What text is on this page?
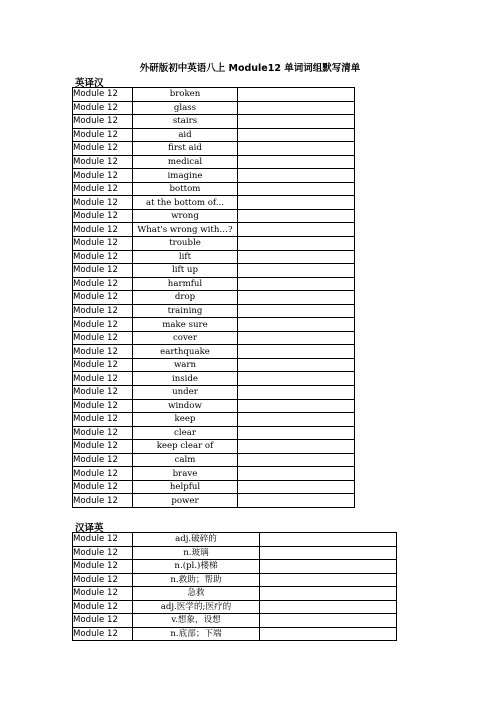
外研版初中英语八上 Module12 单词词组默写清单
英译汉
Module 12	broken	
Module 12	glass	
Module 12	stairs	
Module 12	aid	
Module 12	first aid	
Module 12	medical	
Module 12	imagine	
Module 12	bottom	
Module 12	at the bottom of...	
Module 12	wrong	
Module 12	What's wrong with…?	
Module 12	trouble	
Module 12	lift	
Module 12	lift up	
Module 12	harmful	
Module 12	drop	
Module 12	training	
Module 12	make sure	
Module 12	cover	
Module 12	earthquake	
Module 12	warn	
Module 12	inside	
Module 12	under	
Module 12	window	
Module 12	keep	
Module 12	clear	
Module 12	keep clear of	
Module 12	calm	
Module 12	brave	
Module 12	helpful	
Module 12	power	
汉译英
Module 12	adj.破碎的	
Module 12	n.玻璃	
Module 12	n.(pl.)楼梯	
Module 12	n.救助；帮助	
Module 12	急救	
Module 12	adj.医学的;医疗的	
Module 12	v.想象，设想	
Module 12	n.底部；下端	
